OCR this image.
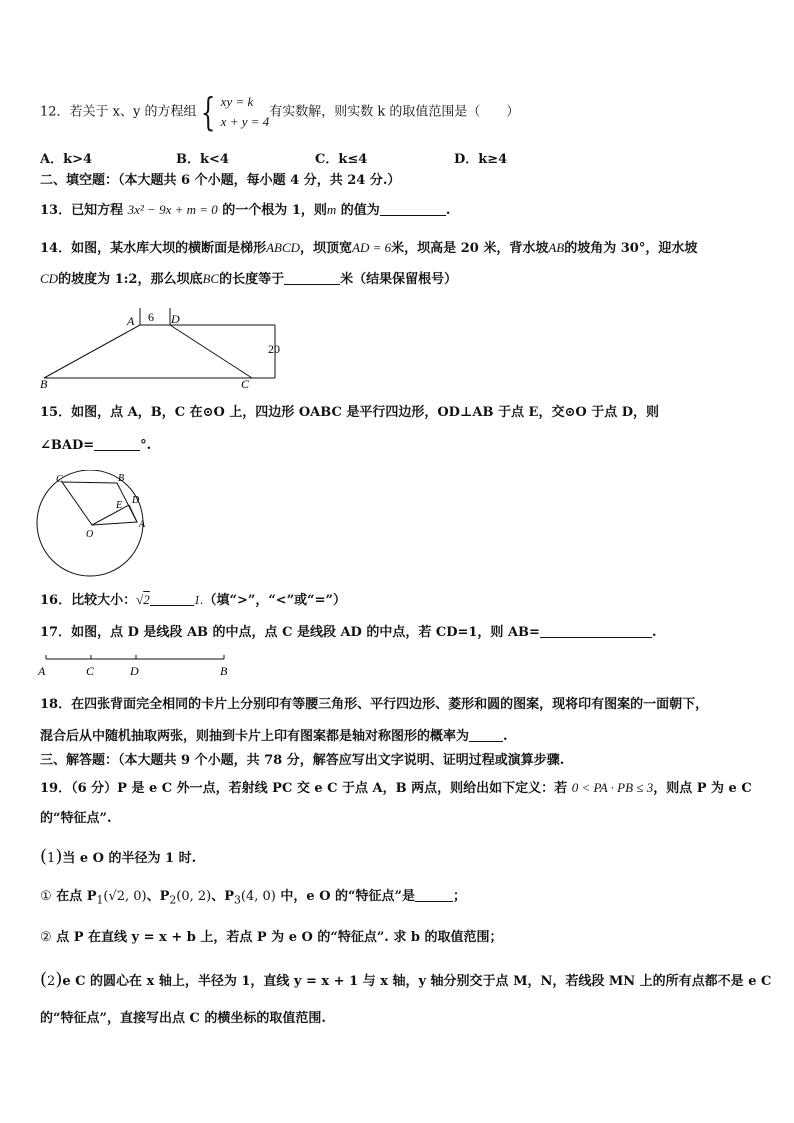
12．若关于 x、y 的方程组 { xy = k
x + y = 4有实数解，则实数 k 的取值范围是（　　）
A．k>4	B．k<4	C．k≤4	D．k≥4
二、填空题：（本大题共 6 个小题，每小题 4 分，共 24 分.）
13．已知方程 3x² − 9x + m = 0 的一个根为 1，则m 的值为	.
14．如图，某水库大坝的横断面是梯形ABCD，坝顶宽AD = 6米，坝高是 20 米，背水坡AB的坡角为 30°，迎水坡
CD的坡度为 1:2，那么坝底BC的长度等于	米（结果保留根号）
A	D
6
20
B	C
15．如图，点 A，B，C 在⊙O 上，四边形 OABC 是平行四边形，OD⊥AB 于点 E，交⊙O 于点 D，则
∠BAD=	°.
C	B
E D
O
A
16．比较大小：√2	1.（填“>”，“<”或“=”）
17．如图，点 D 是线段 AB 的中点，点 C 是线段 AD 的中点，若 CD=1，则 AB=	.
A	C	D	B
18．在四张背面完全相同的卡片上分别印有等腰三角形、平行四边形、菱形和圆的图案，现将印有图案的一面朝下，
混合后从中随机抽取两张，则抽到卡片上印有图案都是轴对称图形的概率为	.
三、解答题：（本大题共 9 个小题，共 78 分，解答应写出文字说明、证明过程或演算步骤.
19．（6 分）P 是 e C 外一点，若射线 PC 交 e C 于点 A，B 两点，则给出如下定义：若 0 < PA · PB ≤ 3，则点 P 为 e C
的“特征点”.
(1)当 e O 的半径为 1 时.
① 在点 $P_1(√2$, 0)、$P_2(0$, 2)、$P_3(4$, 0) 中，e O 的“特征点”是	；
② 点 P 在直线 y = x + b 上，若点 P 为 e O 的“特征点”. 求 b 的取值范围；
(2)e C 的圆心在 x 轴上，半径为 1，直线 y = x + 1 与 x 轴，y 轴分别交于点 M，N，若线段 MN 上的所有点都不是 e C
的“特征点”，直接写出点 C 的横坐标的取值范围.
